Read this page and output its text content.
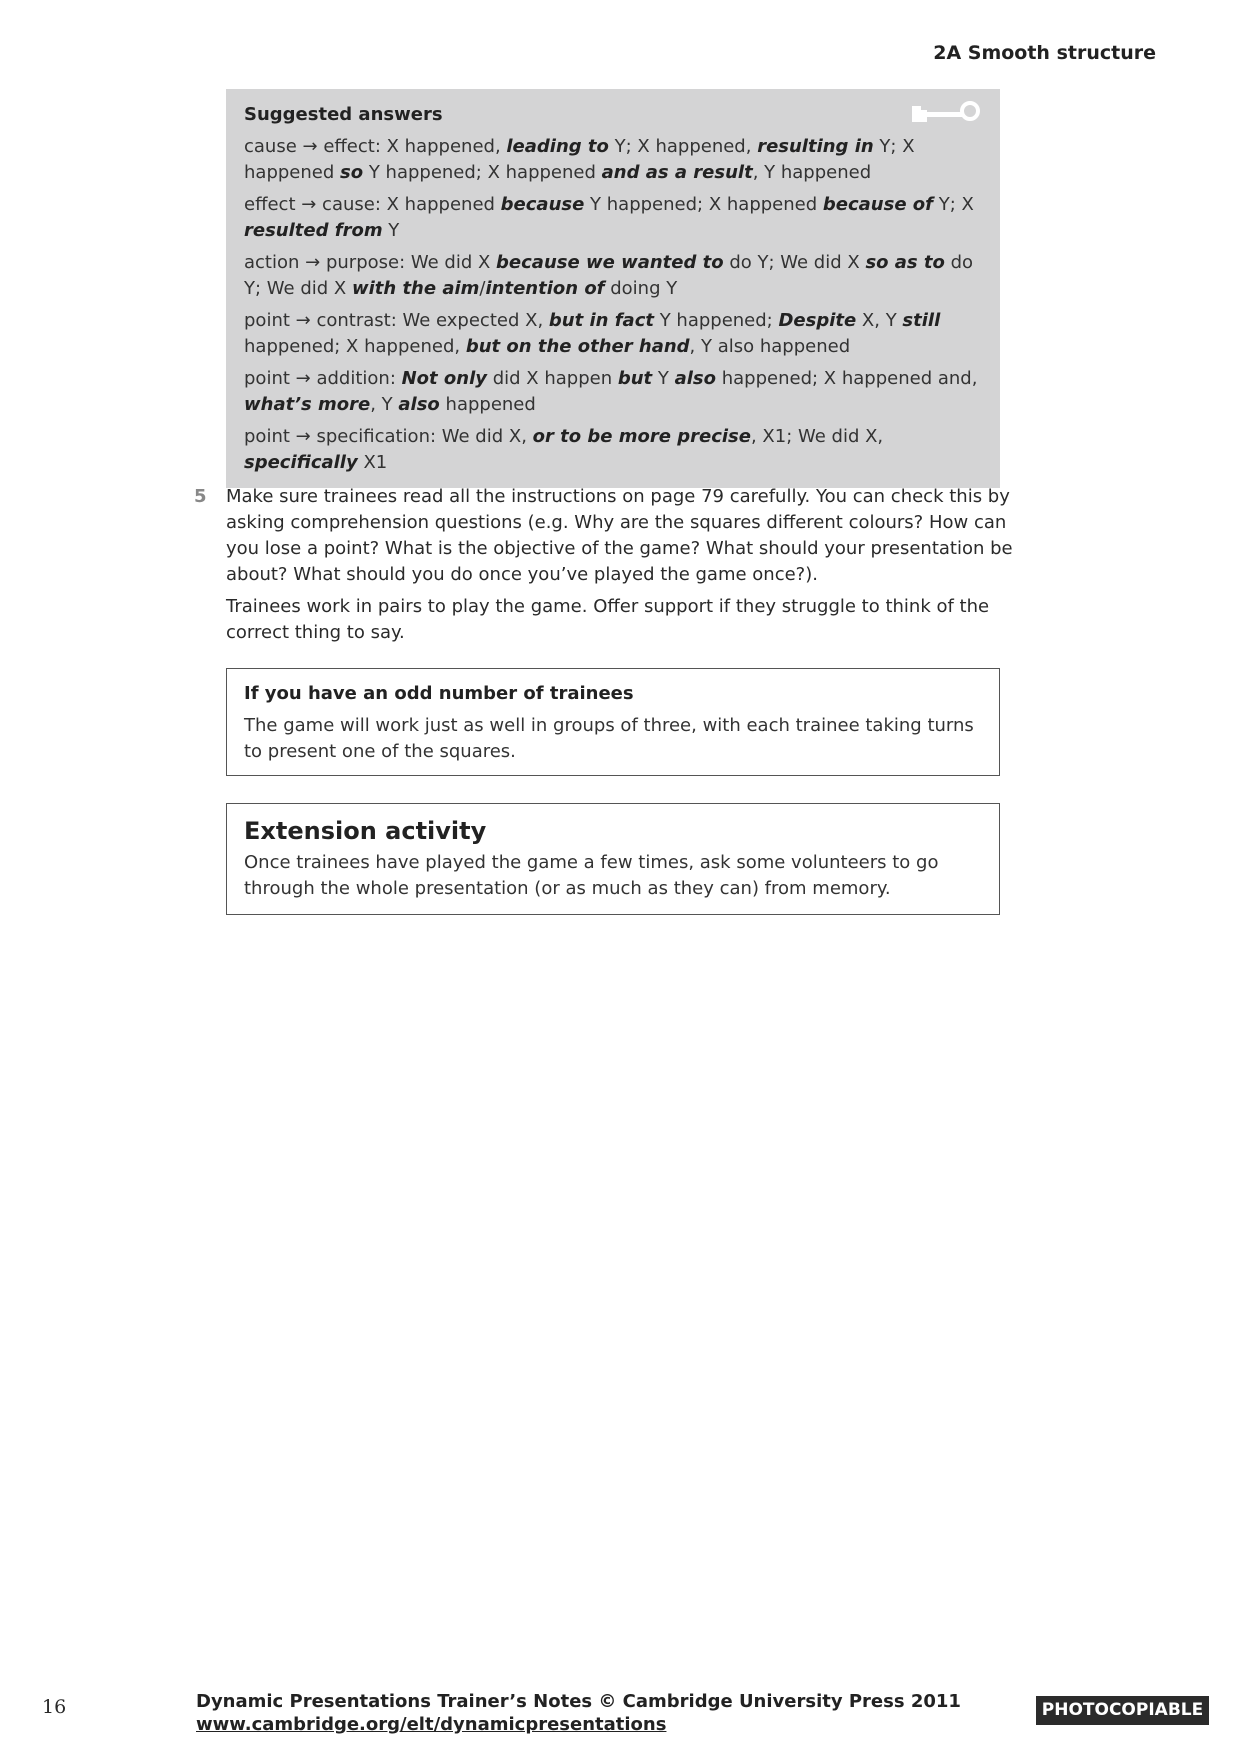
2A Smooth structure
Suggested answers

cause → effect: X happened, leading to Y; X happened, resulting in Y; X happened so Y happened; X happened and as a result, Y happened

effect → cause: X happened because Y happened; X happened because of Y; X resulted from Y

action → purpose: We did X because we wanted to do Y; We did X so as to do Y; We did X with the aim/intention of doing Y

point → contrast: We expected X, but in fact Y happened; Despite X, Y still happened; X happened, but on the other hand, Y also happened

point → addition: Not only did X happen but Y also happened; X happened and, what’s more, Y also happened

point → specification: We did X, or to be more precise, X1; We did X, specifically X1

5 Make sure trainees read all the instructions on page 79 carefully. You can check this by asking comprehension questions (e.g. Why are the squares different colours? How can you lose a point? What is the objective of the game? What should your presentation be about? What should you do once you’ve played the game once?).

Trainees work in pairs to play the game. Offer support if they struggle to think of the correct thing to say.

If you have an odd number of trainees

The game will work just as well in groups of three, with each trainee taking turns to present one of the squares.

Extension activity

Once trainees have played the game a few times, ask some volunteers to go through the whole presentation (or as much as they can) from memory.

16	Dynamic Presentations Trainer’s Notes © Cambridge University Press 2011
www.cambridge.org/elt/dynamicpresentations
PHOTOCOPIABLE
